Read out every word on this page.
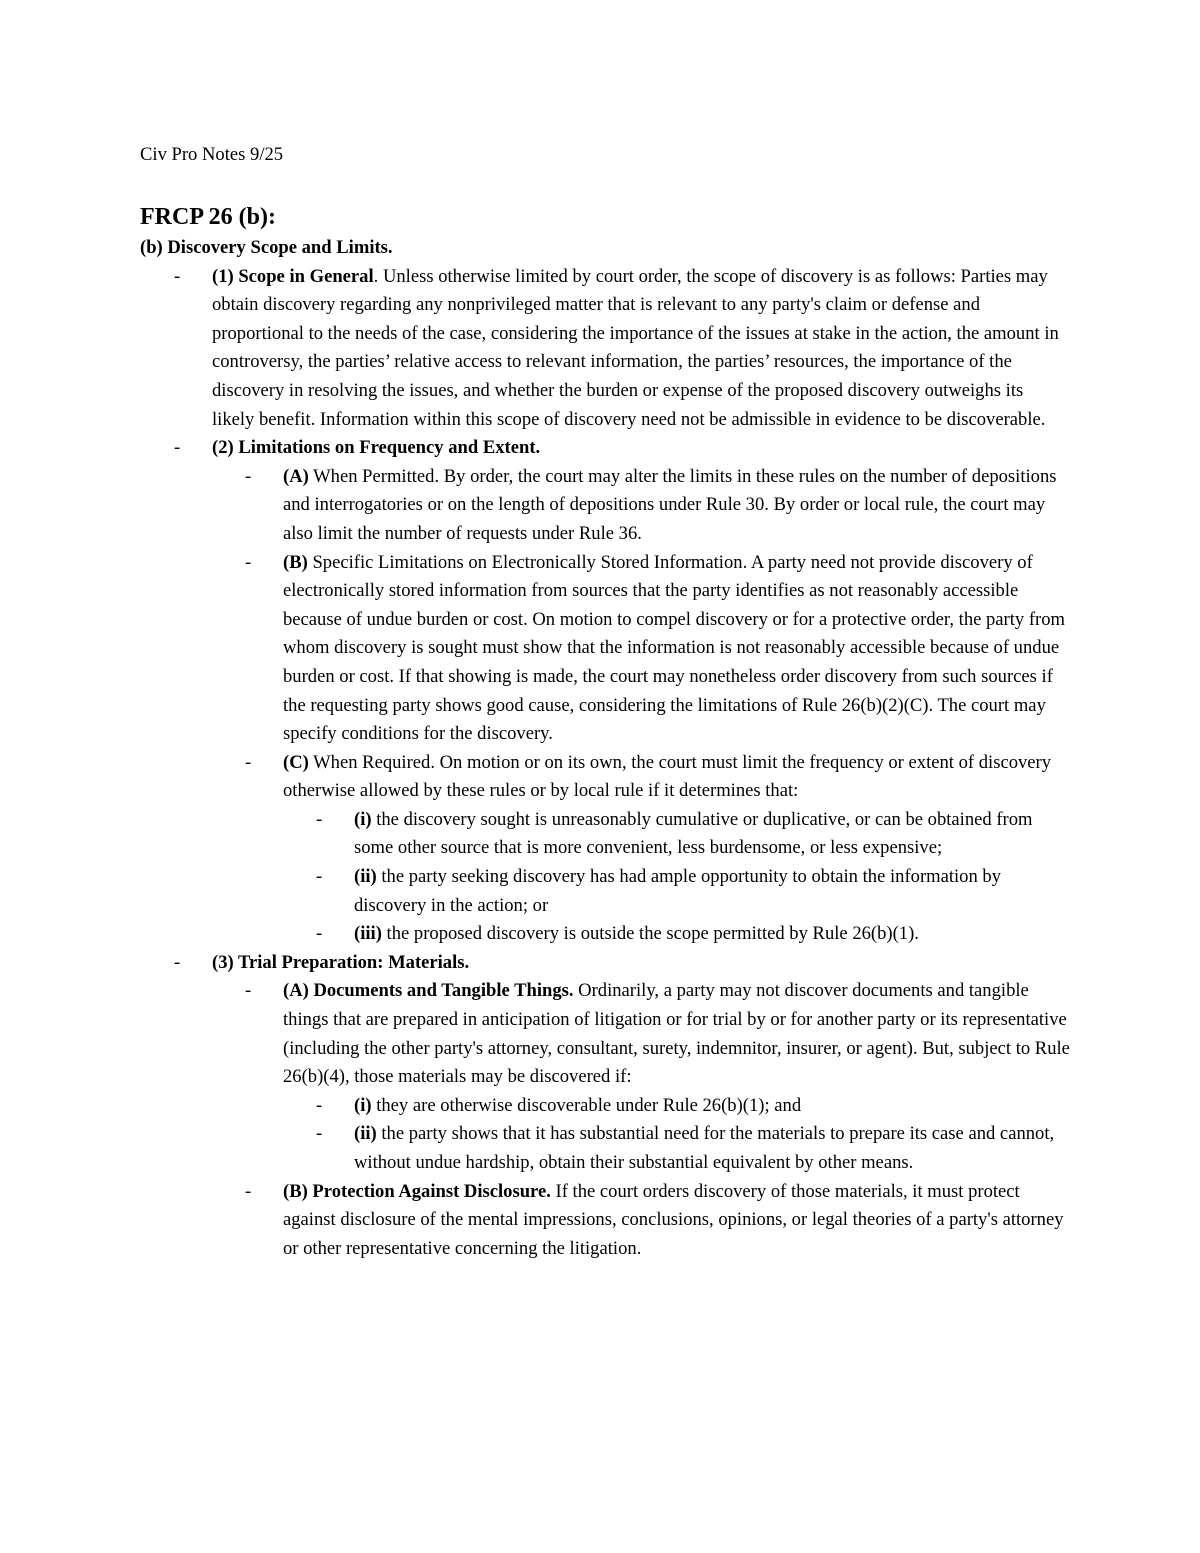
Civ Pro Notes 9/25

FRCP 26 (b):

(b) Discovery Scope and Limits.

-	(1) Scope in General. Unless otherwise limited by court order, the scope of discovery is as follows: Parties may obtain discovery regarding any nonprivileged matter that is relevant to any party's claim or defense and proportional to the needs of the case, considering the importance of the issues at stake in the action, the amount in controversy, the parties’ relative access to relevant information, the parties’ resources, the importance of the discovery in resolving the issues, and whether the burden or expense of the proposed discovery outweighs its likely benefit. Information within this scope of discovery need not be admissible in evidence to be discoverable.
-	(2) Limitations on Frequency and Extent.
-	(A) When Permitted. By order, the court may alter the limits in these rules on the number of depositions and interrogatories or on the length of depositions under Rule 30. By order or local rule, the court may also limit the number of requests under Rule 36.
-	(B) Specific Limitations on Electronically Stored Information. A party need not provide discovery of electronically stored information from sources that the party identifies as not reasonably accessible because of undue burden or cost. On motion to compel discovery or for a protective order, the party from whom discovery is sought must show that the information is not reasonably accessible because of undue burden or cost. If that showing is made, the court may nonetheless order discovery from such sources if the requesting party shows good cause, considering the limitations of Rule 26(b)(2)(C). The court may specify conditions for the discovery.
-	(C) When Required. On motion or on its own, the court must limit the frequency or extent of discovery otherwise allowed by these rules or by local rule if it determines that:
-	(i) the discovery sought is unreasonably cumulative or duplicative, or can be obtained from some other source that is more convenient, less burdensome, or less expensive;
-	(ii) the party seeking discovery has had ample opportunity to obtain the information by discovery in the action; or
-	(iii) the proposed discovery is outside the scope permitted by Rule 26(b)(1).
-	(3) Trial Preparation: Materials.
-	(A) Documents and Tangible Things. Ordinarily, a party may not discover documents and tangible things that are prepared in anticipation of litigation or for trial by or for another party or its representative (including the other party's attorney, consultant, surety, indemnitor, insurer, or agent). But, subject to Rule 26(b)(4), those materials may be discovered if:
-	(i) they are otherwise discoverable under Rule 26(b)(1); and
-	(ii) the party shows that it has substantial need for the materials to prepare its case and cannot, without undue hardship, obtain their substantial equivalent by other means.
-	(B) Protection Against Disclosure. If the court orders discovery of those materials, it must protect against disclosure of the mental impressions, conclusions, opinions, or legal theories of a party's attorney or other representative concerning the litigation.
